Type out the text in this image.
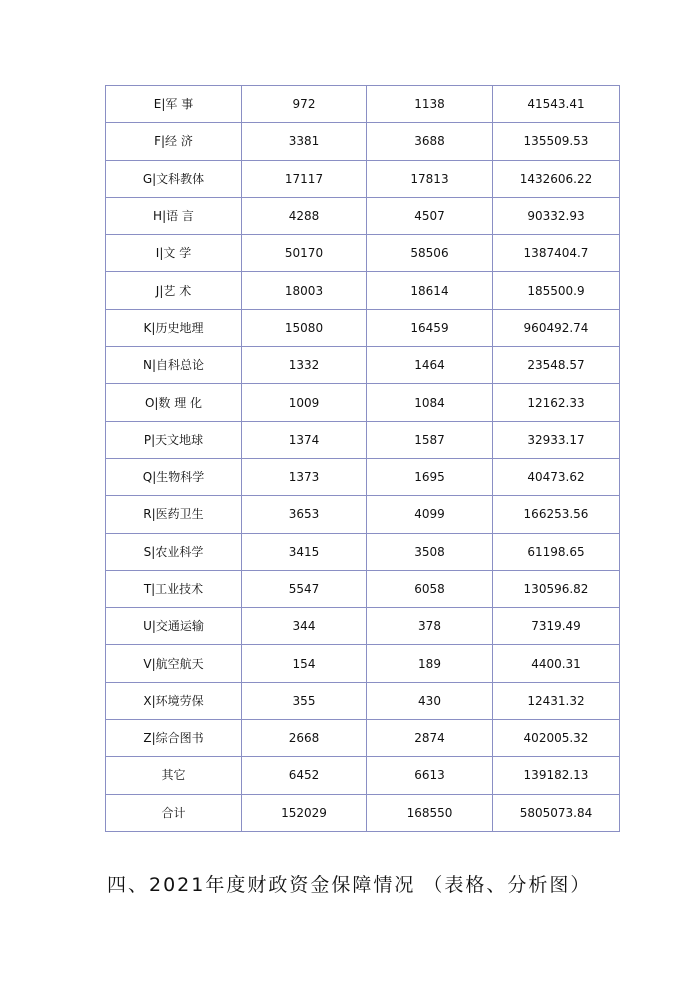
E|军 事	972	1138	41543.41
F|经 济	3381	3688	135509.53
G|文科教体	17117	17813	1432606.22
H|语 言	4288	4507	90332.93
I|文 学	50170	58506	1387404.7
J|艺 术	18003	18614	185500.9
K|历史地理	15080	16459	960492.74
N|自科总论	1332	1464	23548.57
O|数 理 化	1009	1084	12162.33
P|天文地球	1374	1587	32933.17
Q|生物科学	1373	1695	40473.62
R|医药卫生	3653	4099	166253.56
S|农业科学	3415	3508	61198.65
T|工业技术	5547	6058	130596.82
U|交通运输	344	378	7319.49
V|航空航天	154	189	4400.31
X|环境劳保	355	430	12431.32
Z|综合图书	2668	2874	402005.32
其它	6452	6613	139182.13
合计	152029	168550	5805073.84
四、2021年度财政资金保障情况 （表格、分析图）
